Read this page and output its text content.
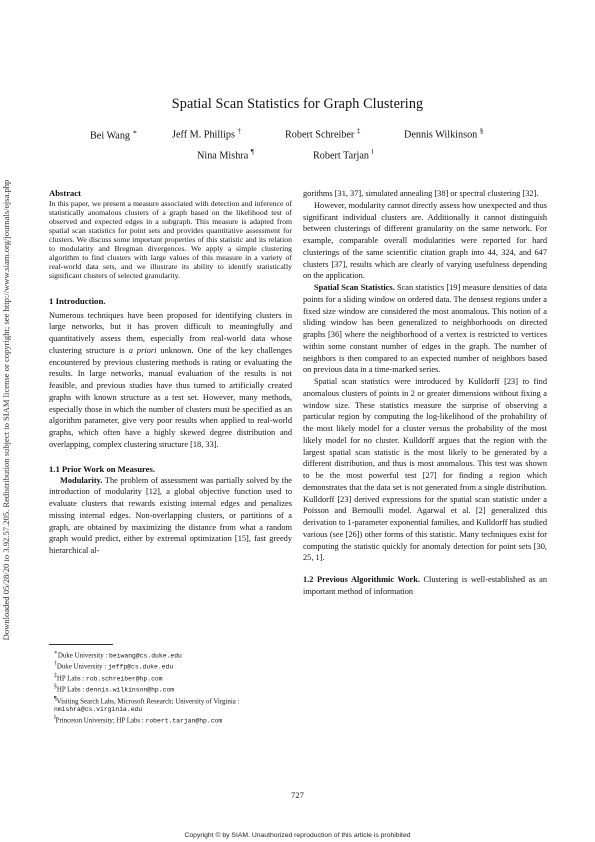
Downloaded 05/28/20 to 3.92.57.205. Redistribution subject to SIAM license or copyright; see http://www.siam.org/journals/ojsa.php
Spatial Scan Statistics for Graph Clustering
Bei Wang ∗	Jeff M. Phillips †	Robert Schreiber ‡	Dennis Wilkinson §
Nina Mishra ¶	Robert Tarjan ‖
Abstract

In this paper, we present a measure associated with detection and inference of statistically anomalous clusters of a graph based on the likelihood test of observed and expected edges in a subgraph. This measure is adapted from spatial scan statistics for point sets and provides quantitative assessment for clusters. We discuss some important properties of this statistic and its relation to modularity and Bregman divergences. We apply a simple clustering algorithm to find clusters with large values of this measure in a variety of real-world data sets, and we illustrate its ability to identify statistically significant clusters of selected granularity.

1 Introduction.

Numerous techniques have been proposed for identifying clusters in large networks, but it has proven difficult to meaningfully and quantitatively assess them, especially from real-world data whose clustering structure is a priori unknown. One of the key challenges encountered by previous clustering methods is rating or evaluating the results. In large networks, manual evaluation of the results is not feasible, and previous studies have thus turned to artificially created graphs with known structure as a test set. However, many methods, especially those in which the number of clusters must be specified as an algorithm parameter, give very poor results when applied to real-world graphs, which often have a highly skewed degree distribution and overlapping, complex clustering structure [18, 33].

1.1 Prior Work on Measures.

Modularity. The problem of assessment was partially solved by the introduction of modularity [12], a global objective function used to evaluate clusters that rewards existing internal edges and penalizes missing internal edges. Non-overlapping clusters, or partitions of a graph, are obtained by maximizing the distance from what a random graph would predict, either by extremal optimization [15], fast greedy hierarchical al-

∗Duke University : beiwang@cs.duke.edu

†Duke University : jeffp@cs.duke.edu

‡HP Labs : rob.schreiber@hp.com

§HP Labs : dennis.wilkinson@hp.com

¶Visiting Search Labs, Microsoft Research; University of Virginia : nmishra@cs.virginia.edu

‖Princeton University; HP Labs : robert.tarjan@hp.com

gorithms [31, 37], simulated annealing [38] or spectral clustering [32].

However, modularity cannot directly assess how unexpected and thus significant individual clusters are. Additionally it cannot distinguish between clusterings of different granularity on the same network. For example, comparable overall modularities were reported for hard clusterings of the same scientific citation graph into 44, 324, and 647 clusters [37], results which are clearly of varying usefulness depending on the application.

Spatial Scan Statistics. Scan statistics [19] measure densities of data points for a sliding window on ordered data. The densest regions under a fixed size window are considered the most anomalous. This notion of a sliding window has been generalized to neighborhoods on directed graphs [36] where the neighborhood of a vertex is restricted to vertices within some constant number of edges in the graph. The number of neighbors is then compared to an expected number of neighbors based on previous data in a time-marked series.

Spatial scan statistics were introduced by Kulldorff [23] to find anomalous clusters of points in 2 or greater dimensions without fixing a window size. These statistics measure the surprise of observing a particular region by computing the log-likelihood of the probability of the most likely model for a cluster versus the probability of the most likely model for no cluster. Kulldorff argues that the region with the largest spatial scan statistic is the most likely to be generated by a different distribution, and thus is most anomalous. This test was shown to be the most powerful test [27] for finding a region which demonstrates that the data set is not generated from a single distribution. Kulldorff [23] derived expressions for the spatial scan statistic under a Poisson and Bernoulli model. Agarwal et al. [2] generalized this derivation to 1-parameter exponential families, and Kulldorff has studied various (see [26]) other forms of this statistic. Many techniques exist for computing the statistic quickly for anomaly detection for point sets [30, 25, 1].

1.2 Previous Algorithmic Work. Clustering is well-established as an important method of information

727
Copyright © by SIAM. Unauthorized reproduction of this article is prohibited
